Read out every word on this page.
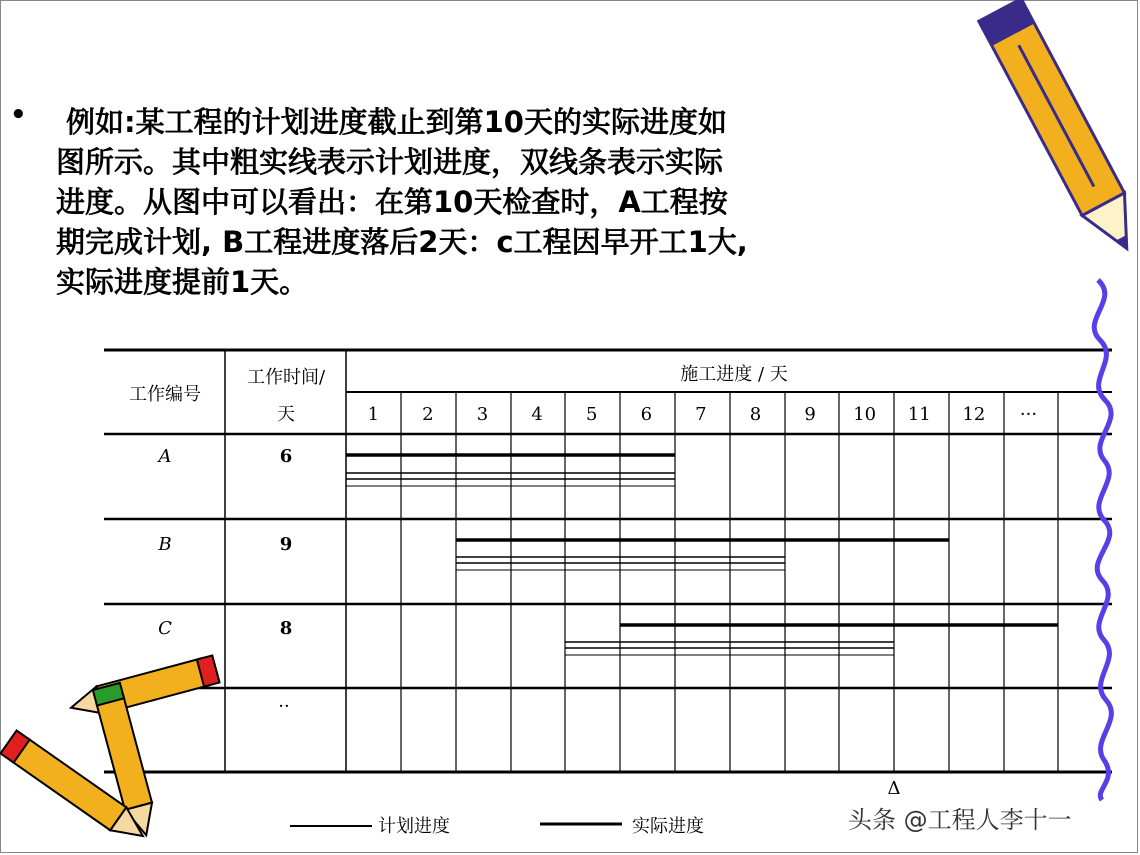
•	例如:某工程的计划进度截止到第10天的实际进度如
图所示。其中粗实线表示计划进度，双线条表示实际
进度。从图中可以看出：在第10天检查时，A工程按
期完成计划, B工程进度落后2天：c工程因早开工1大,
实际进度提前1天。
工作编号
工作时间/
天
施工进度 / 天
1 2 3 4 5 6 7 8 9 10 11 12 ···
A	6
B	9
C	8
··
Δ
计划进度	实际进度	头条 @工程人李十一
